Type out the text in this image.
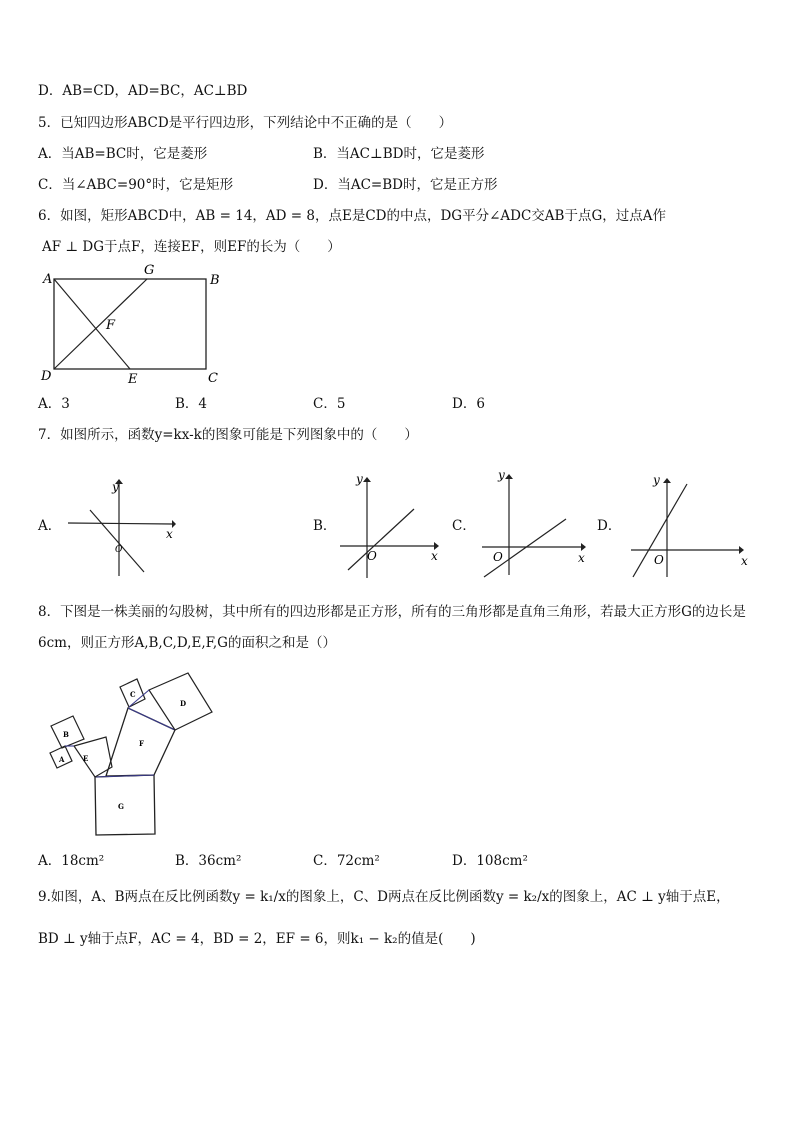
D．AB=CD，AD=BC，AC⊥BD
5．已知四边形ABCD是平行四边形，下列结论中不正确的是（　　）
A．当AB=BC时，它是菱形	B．当AC⊥BD时，它是菱形
C．当∠ABC=90°时，它是矩形	D．当AC=BD时，它是正方形
6．如图，矩形ABCD中，AB = 14，AD = 8，点E是CD的中点，DG平分∠ADC交AB于点G，过点A作
AF ⊥ DG于点F，连接EF，则EF的长为（　　）
A
G
B
F
D	E	C
A．3	B．4	C．5	D．6
7．如图所示，函数y=kx-k的图象可能是下列图象中的（　　）
A．	x
y
O
B．
x
y
O
C．
x
y
O
D．
x
y
O
8．下图是一株美丽的勾股树，其中所有的四边形都是正方形，所有的三角形都是直角三角形，若最大正方形G的边长是
6cm，则正方形A,B,C,D,E,F,G的面积之和是（）
A
B
C
D
E
F
G
A．18cm²	B．36cm²	C．72cm²	D．108cm²
9.如图，A、B两点在反比例函数y = k₁/x的图象上，C、D两点在反比例函数y = k₂/x的图象上，AC ⊥ y轴于点E，
BD ⊥ y轴于点F，AC = 4，BD = 2，EF = 6，则k₁ − k₂的值是(　　)
